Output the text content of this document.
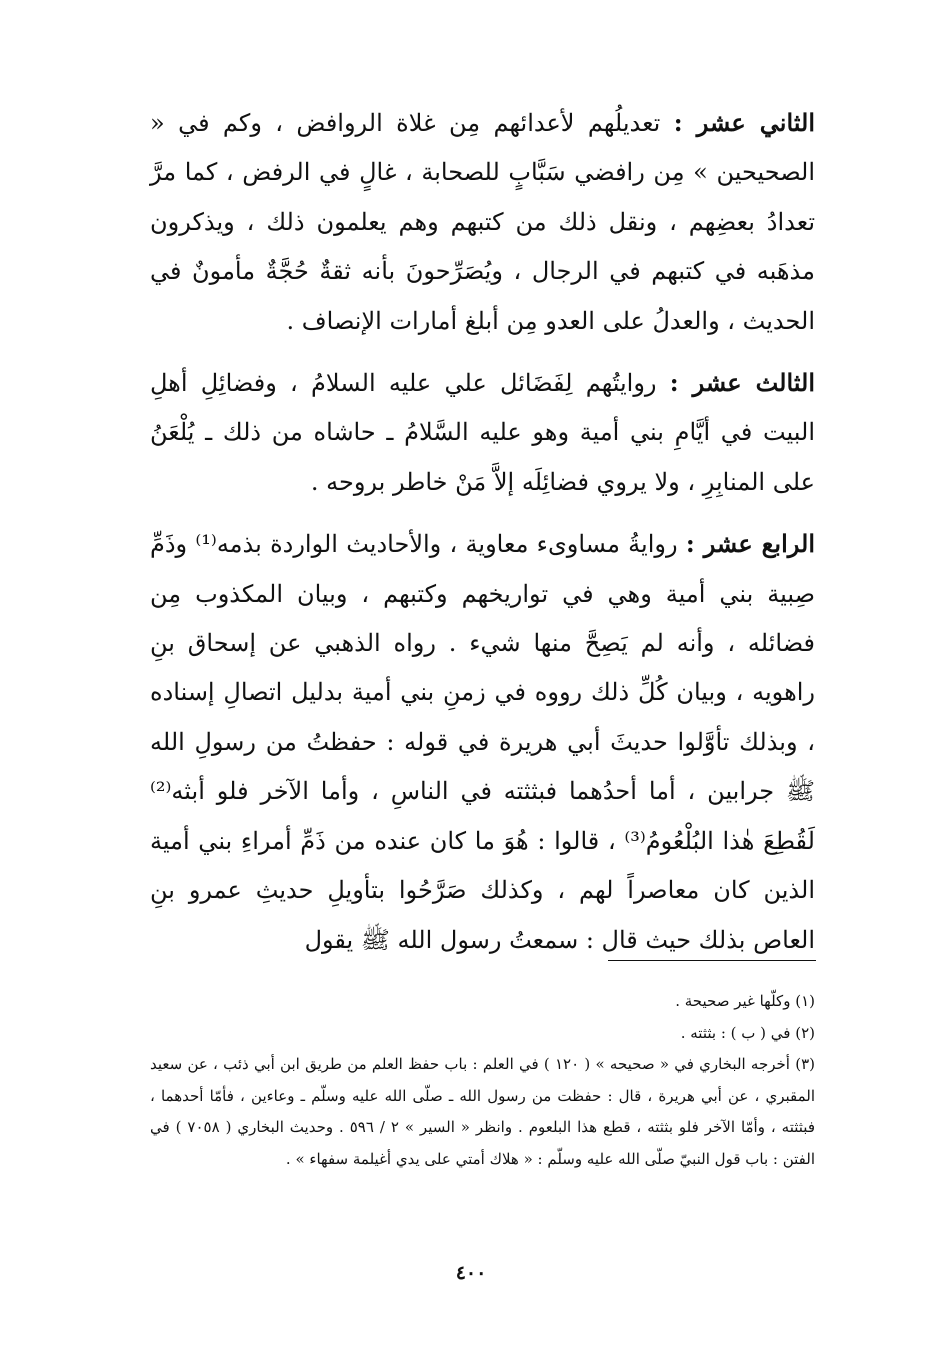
الثاني عشر : تعديلُهم لأعدائهم مِن غلاة الروافض ، وكم في « الصحيحين » مِن رافضي سَبَّابٍ للصحابة ، غالٍ في الرفض ، كما مرَّ تعدادُ بعضِهم ، ونقل ذلك من كتبهم وهم يعلمون ذلك ، ويذكرون مذهَبه في كتبهم في الرجال ، ويُصَرِّحونَ بأنه ثقةٌ حُجَّةٌ مأمونٌ في الحديث ، والعدلُ على العدو مِن أبلغ أمارات الإنصاف .

الثالث عشر : روايتُهم لِفَضَائل علي عليه السلامُ ، وفضائِلِ أهلِ البيت في أيَّامِ بني أمية وهو عليه السَّلامُ ـ حاشاه من ذلك ـ يُلْعَنُ على المنابِرِ ، ولا يروي فضائِلَه إلاَّ مَنْ خاطر بروحه .

الرابع عشر : روايةُ مساوىء معاوية ، والأحاديث الواردة بذمه⁽¹⁾ وذَمِّ صِبية بني أمية وهي في تواريخهم وكتبهم ، وبيان المكذوب مِن فضائله ، وأنه لم يَصِحَّ منها شيء . رواه الذهبي عن إسحاق بنِ راهويه ، وبيان كُلِّ ذلك رووه في زمنِ بني أمية بدليل اتصالِ إسناده ، وبذلك تأوَّلوا حديثَ أبي هريرة في قوله : حفظتُ من رسولِ الله ﷺ جرابين ، أما أحدُهما فبثثته في الناسِ ، وأما الآخر فلو أبثه⁽²⁾ لَقُطِعَ هٰذا البُلْعُومُ⁽³⁾ ، قالوا : هُوَ ما كان عنده من ذَمِّ أمراءِ بني أمية الذين كان معاصراً لهم ، وكذلك صَرَّحُوا بتأويلِ حديثِ عمرو بنِ العاص بذلك حيث قال : سمعتُ رسول الله ﷺ يقول

(١) وكلّها غير صحيحة .

(٢) في ( ب ) : بثثته .

(٣) أخرجه البخاري في « صحيحه » ( ١٢٠ ) في العلم : باب حفظ العلم من طريق ابن أبي ذئب ، عن سعيد المقبري ، عن أبي هريرة ، قال : حفظت من رسول الله ـ صلّى الله عليه وسلّم ـ وعاءين ، فأمّا أحدهما ، فبثثته ، وأمّا الآخر فلو بثثته ، قطع هذا البلعوم . وانظر « السير » ٢ / ٥٩٦ . وحديث البخاري ( ٧٠٥٨ ) في الفتن : باب قول النبيّ صلّى الله عليه وسلّم : « هلاك أمتي على يدي أغيلمة سفهاء » .

٤٠٠
